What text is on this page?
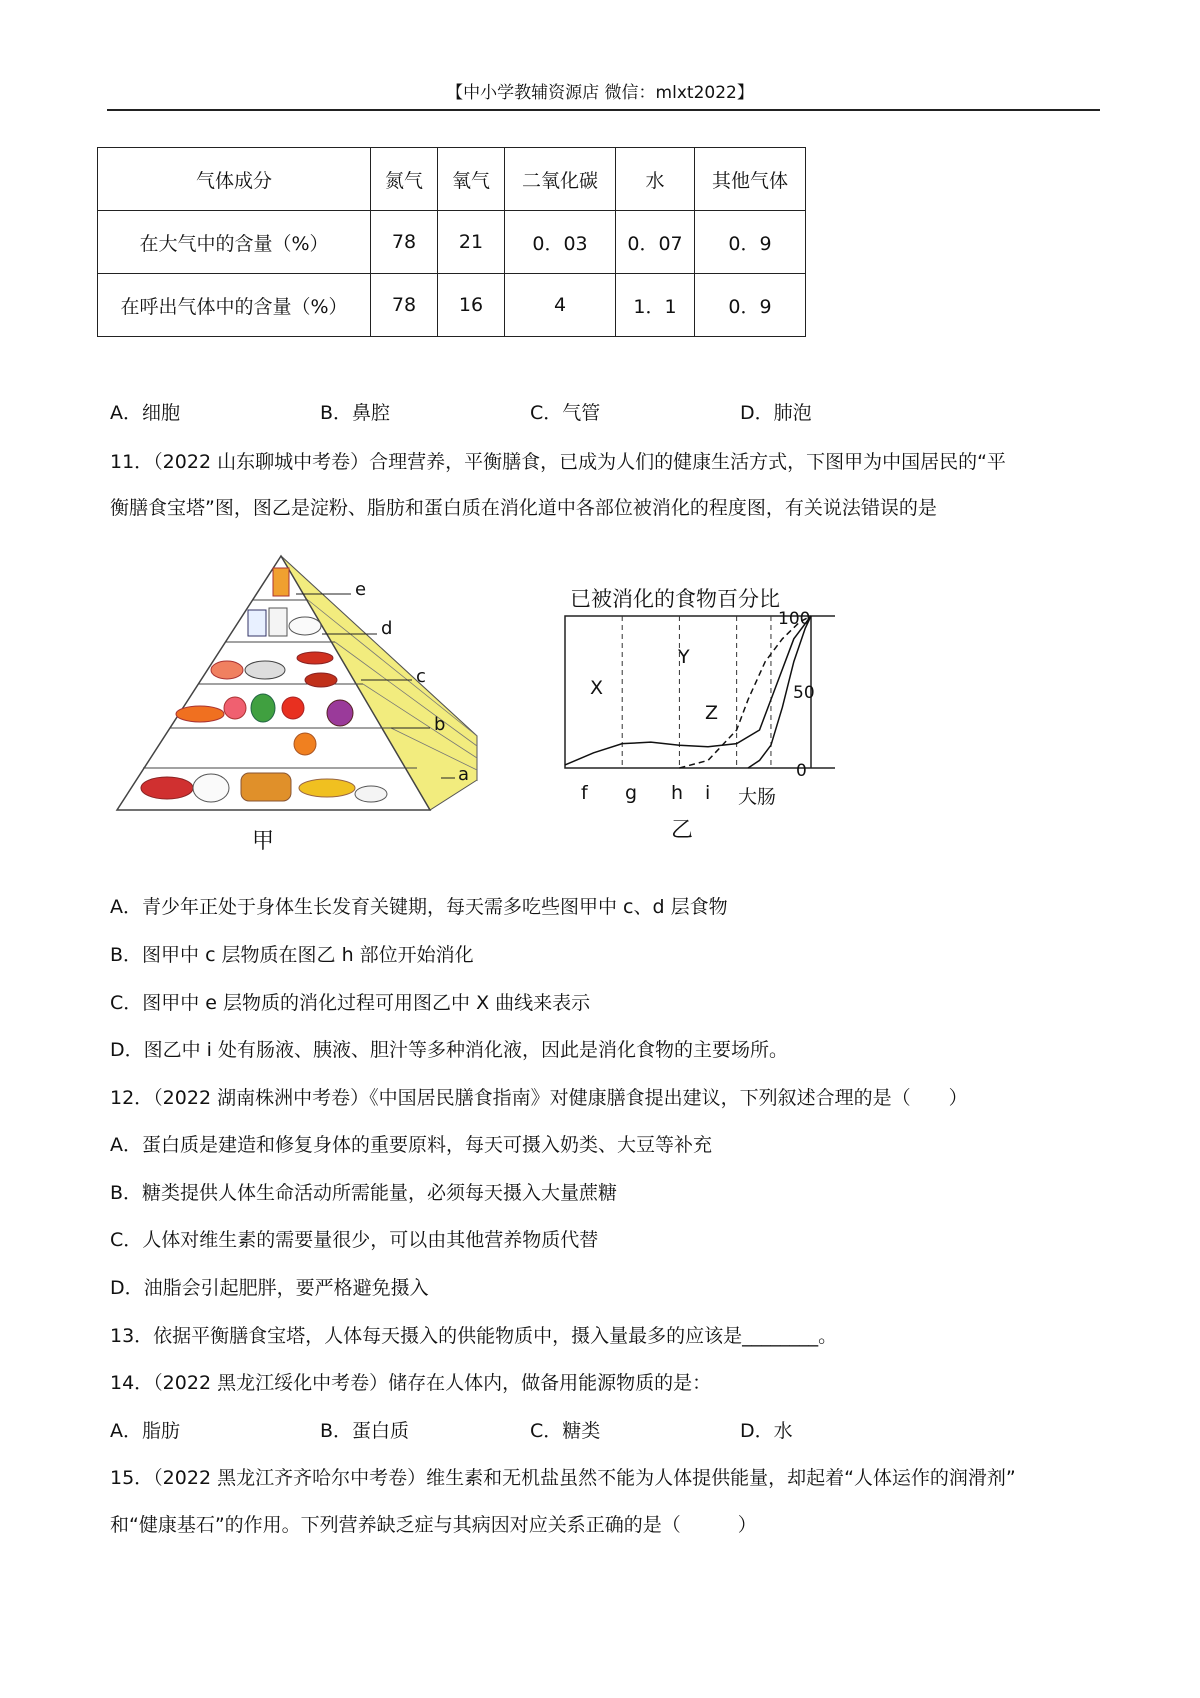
【中小学教辅资源店 微信：mlxt2022】
气体成分	氮气	氧气	二氧化碳	水	其他气体
在大气中的含量（%）	78	21	0．03	0．07	0．9
在呼出气体中的含量（%）	78	16	4	1．1	0．9
A．细胞	B．鼻腔	C．气管	D．肺泡
11．（2022 山东聊城中考卷）合理营养，平衡膳食，已成为人们的健康生活方式，下图甲为中国居民的“平
衡膳食宝塔”图，图乙是淀粉、脂肪和蛋白质在消化道中各部位被消化的程度图，有关说法错误的是
e
d
c
b
a
甲
已被消化的食物百分比
100
50
0
X
Y
Z
f g h i 大肠
乙
A．青少年正处于身体生长发育关键期，每天需多吃些图甲中 c、d 层食物
B．图甲中 c 层物质在图乙 h 部位开始消化
C．图甲中 e 层物质的消化过程可用图乙中 X 曲线来表示
D．图乙中 i 处有肠液、胰液、胆汁等多种消化液，因此是消化食物的主要场所。
12．（2022 湖南株洲中考卷）《中国居民膳食指南》对健康膳食提出建议，下列叙述合理的是（　　）
A．蛋白质是建造和修复身体的重要原料，每天可摄入奶类、大豆等补充
B．糖类提供人体生命活动所需能量，必须每天摄入大量蔗糖
C．人体对维生素的需要量很少，可以由其他营养物质代替
D．油脂会引起肥胖，要严格避免摄入
13．依据平衡膳食宝塔，人体每天摄入的供能物质中，摄入量最多的应该是________。
14．（2022 黑龙江绥化中考卷）储存在人体内，做备用能源物质的是：
A．脂肪	B．蛋白质	C．糖类	D．水
15．（2022 黑龙江齐齐哈尔中考卷）维生素和无机盐虽然不能为人体提供能量，却起着“人体运作的润滑剂”
和“健康基石”的作用。下列营养缺乏症与其病因对应关系正确的是（　　　）
